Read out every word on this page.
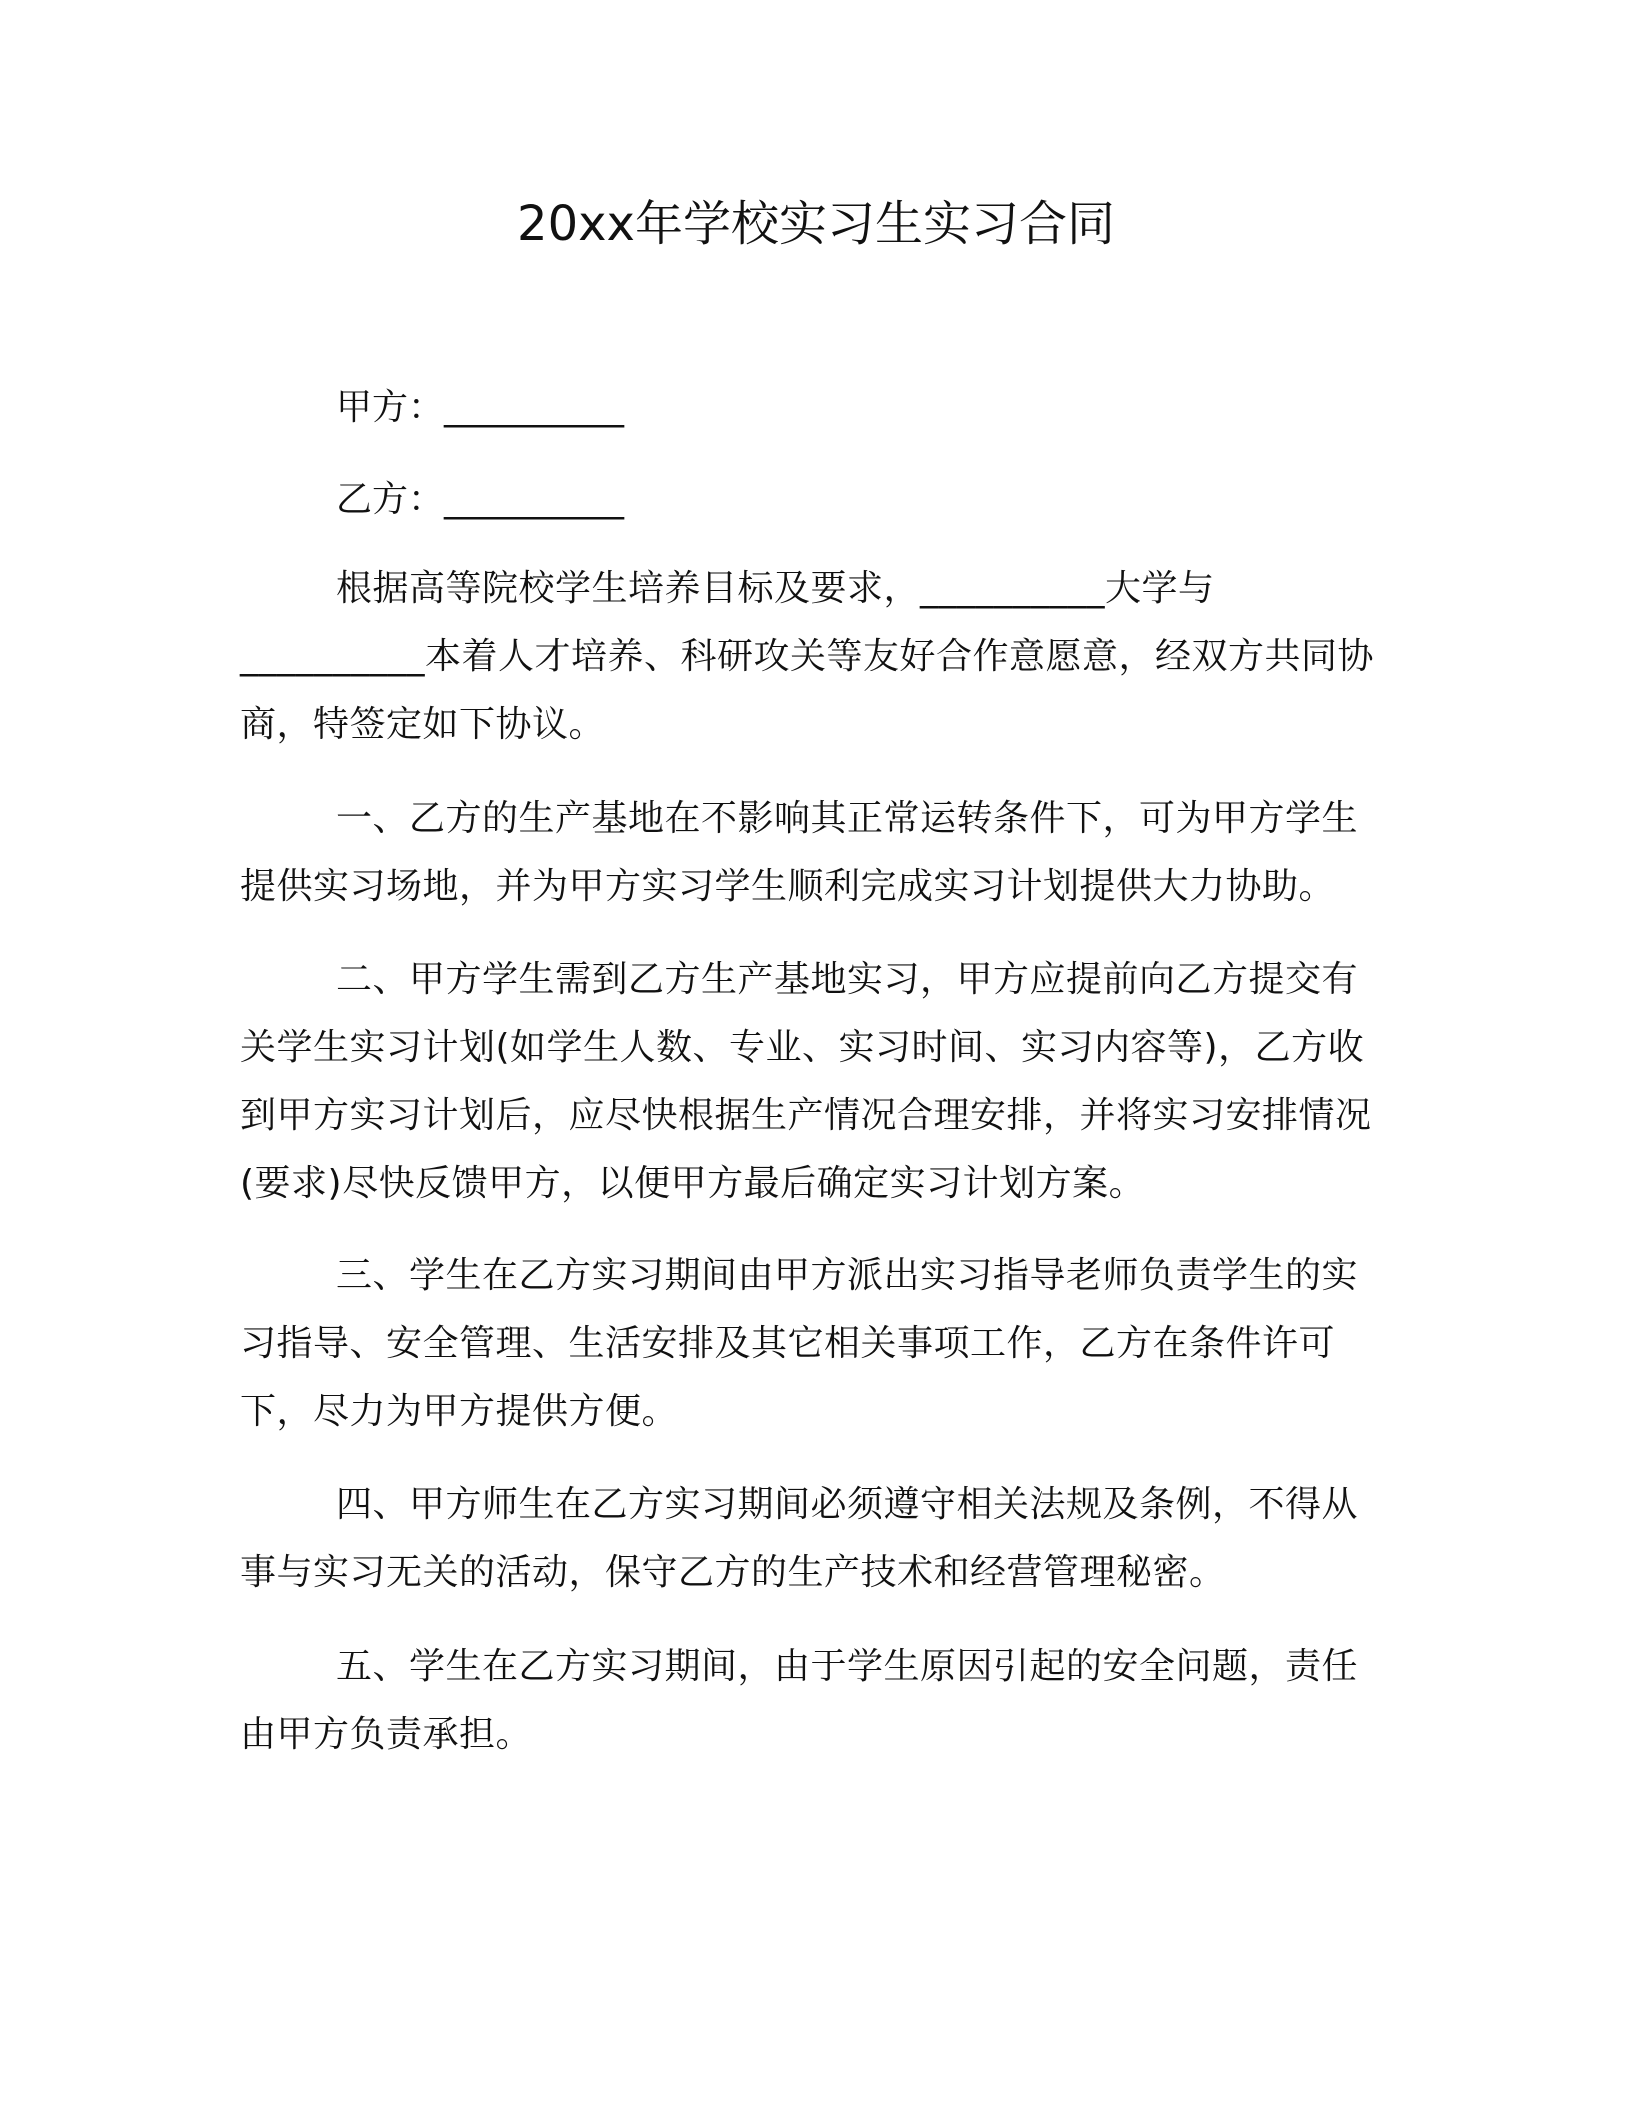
20xx年学校实习生实习合同

甲方：__________

乙方：__________

根据高等院校学生培养目标及要求，__________大学与__________本着人才培养、科研攻关等友好合作意愿意，经双方共同协商，特签定如下协议。

一、乙方的生产基地在不影响其正常运转条件下，可为甲方学生提供实习场地，并为甲方实习学生顺利完成实习计划提供大力协助。

二、甲方学生需到乙方生产基地实习，甲方应提前向乙方提交有关学生实习计划(如学生人数、专业、实习时间、实习内容等)，乙方收到甲方实习计划后，应尽快根据生产情况合理安排，并将实习安排情况(要求)尽快反馈甲方，以便甲方最后确定实习计划方案。

三、学生在乙方实习期间由甲方派出实习指导老师负责学生的实习指导、安全管理、生活安排及其它相关事项工作，乙方在条件许可下，尽力为甲方提供方便。

四、甲方师生在乙方实习期间必须遵守相关法规及条例，不得从事与实习无关的活动，保守乙方的生产技术和经营管理秘密。

五、学生在乙方实习期间，由于学生原因引起的安全问题，责任由甲方负责承担。
